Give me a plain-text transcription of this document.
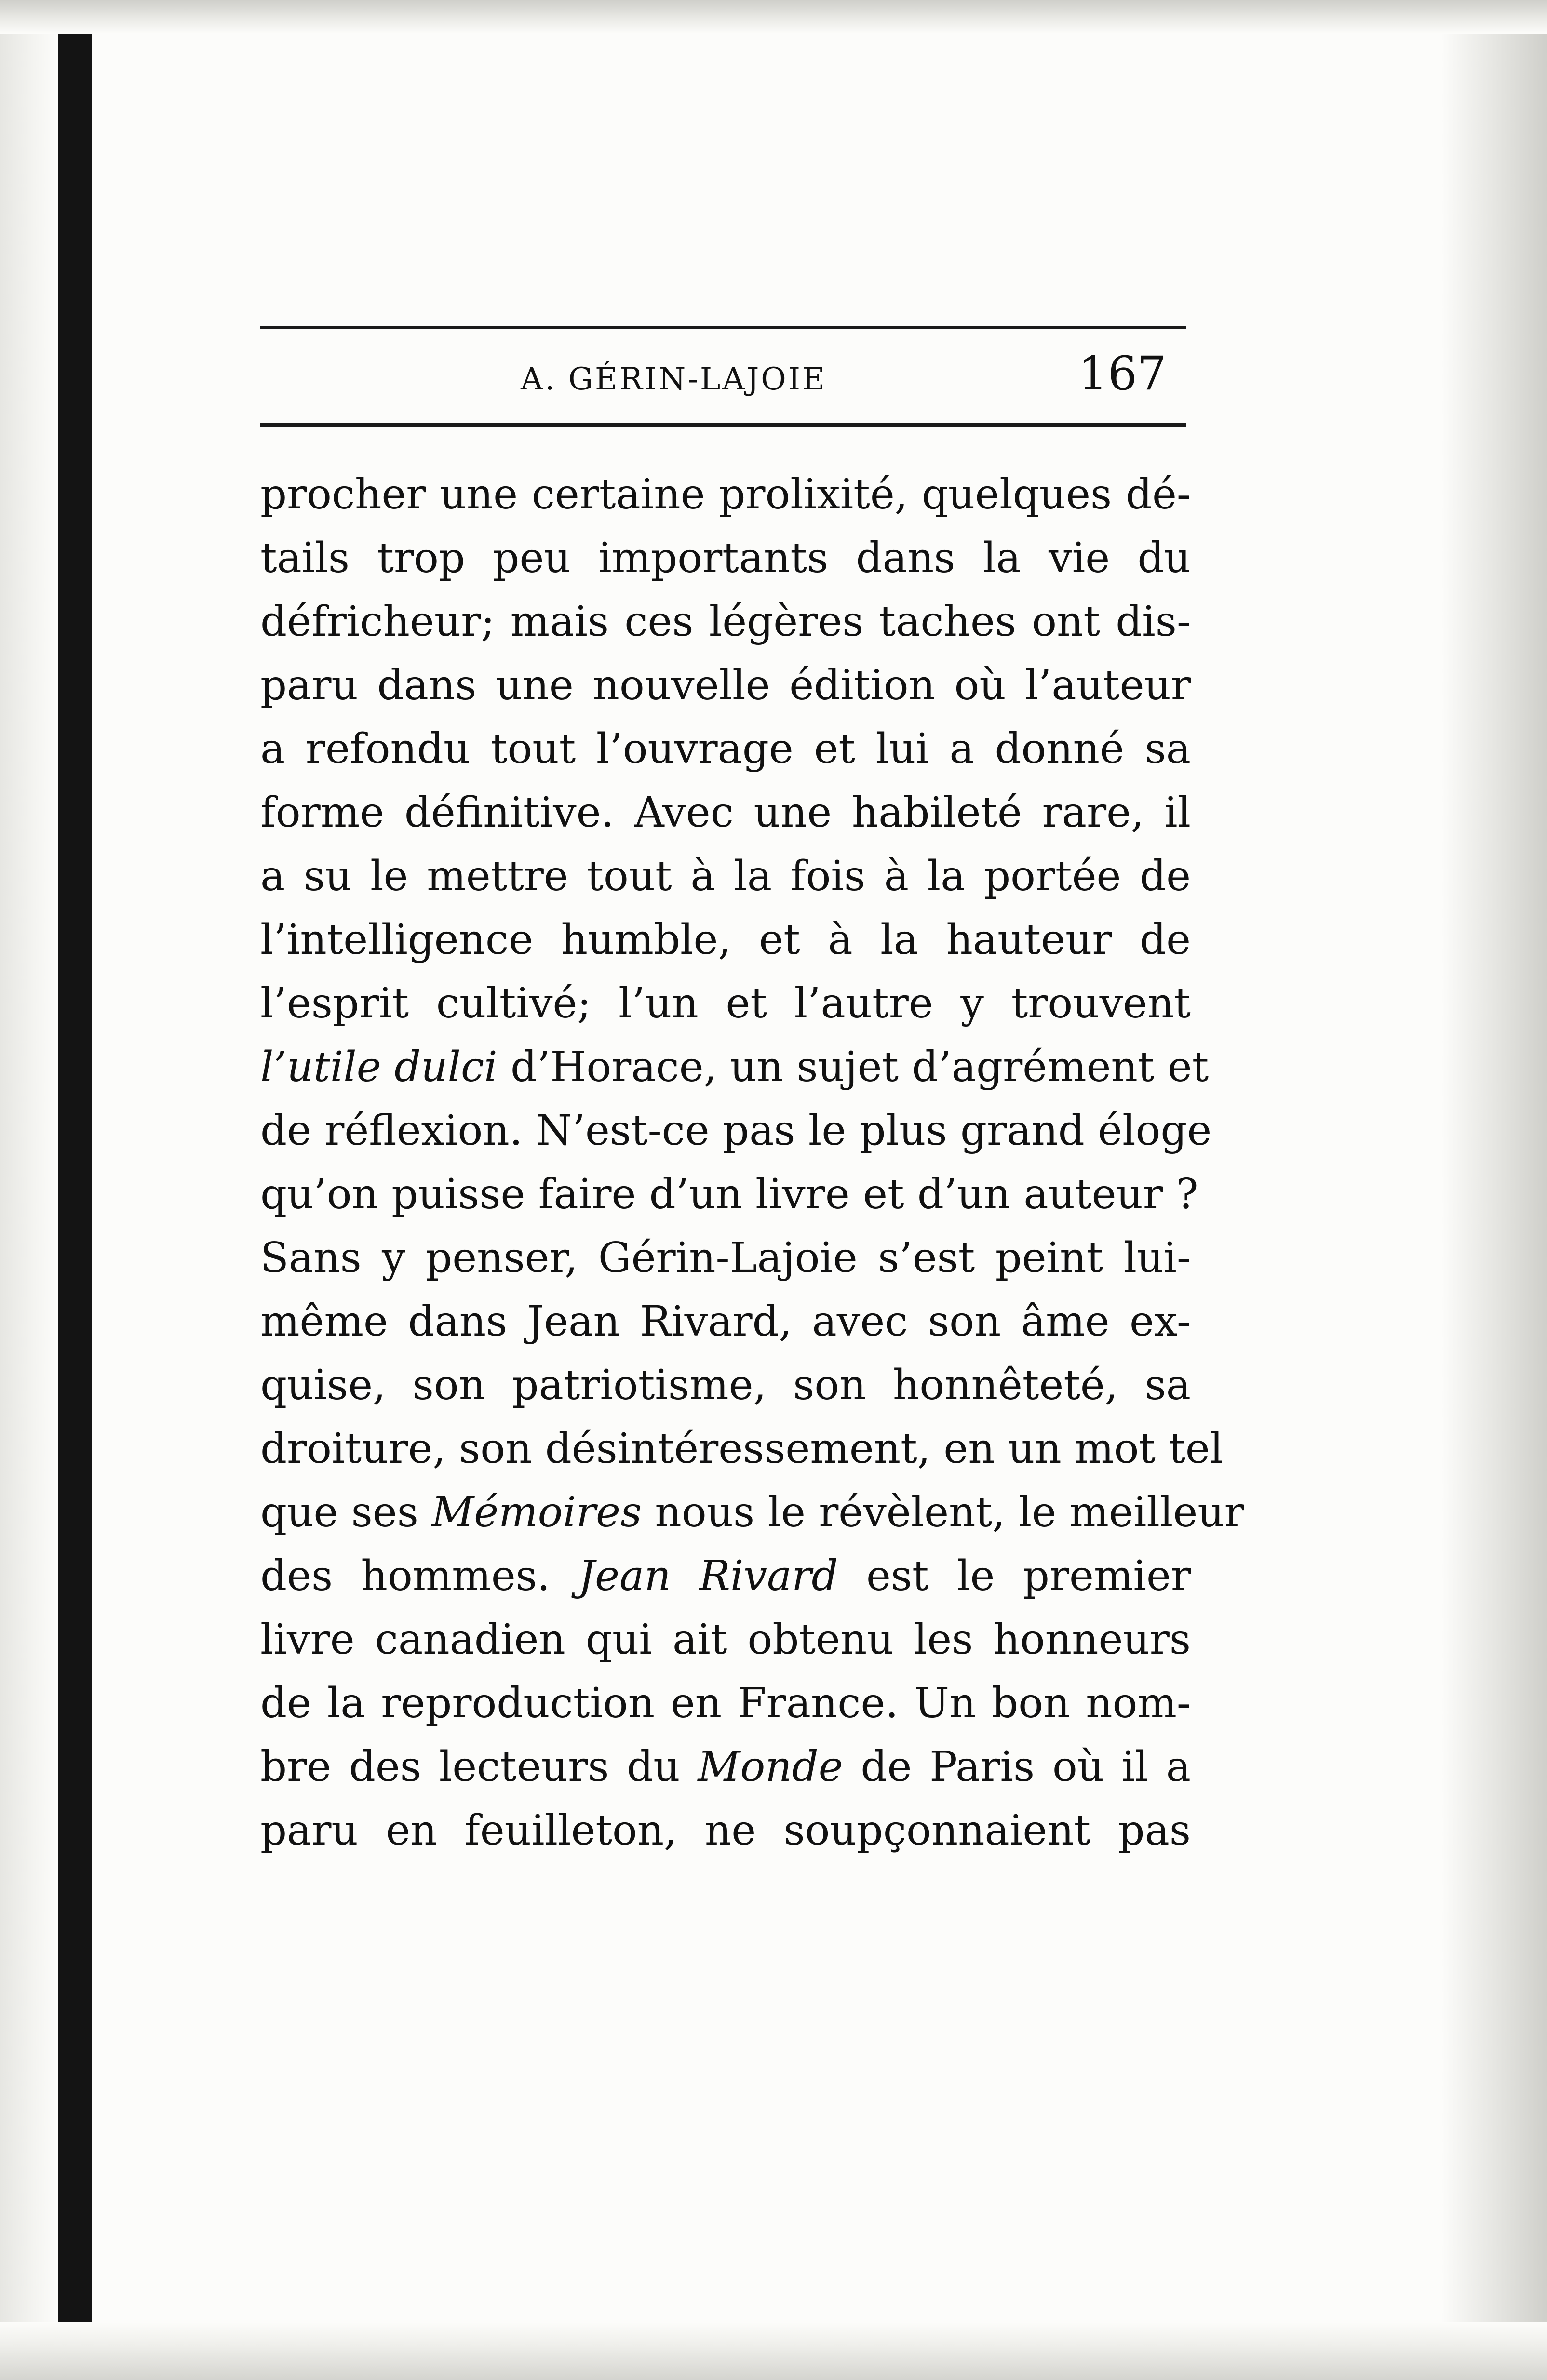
A. GÉRIN-LAJOIE	167
procher une certaine prolixité, quelques dé-
tails trop peu importants dans la vie du
défricheur; mais ces légères taches ont dis-
paru dans une nouvelle édition où l’auteur
a refondu tout l’ouvrage et lui a donné sa
forme définitive. Avec une habileté rare, il
a su le mettre tout à la fois à la portée de
l’intelligence humble, et à la hauteur de
l’esprit cultivé; l’un et l’autre y trouvent
l’utile dulci d’Horace, un sujet d’agrément et
de réflexion. N’est-ce pas le plus grand éloge
qu’on puisse faire d’un livre et d’un auteur ?
Sans y penser, Gérin-Lajoie s’est peint lui-
même dans Jean Rivard, avec son âme ex-
quise, son patriotisme, son honnêteté, sa
droiture, son désintéressement, en un mot tel
que ses Mémoires nous le révèlent, le meilleur
des hommes. Jean Rivard est le premier
livre canadien qui ait obtenu les honneurs
de la reproduction en France. Un bon nom-
bre des lecteurs du Monde de Paris où il a
paru en feuilleton, ne soupçonnaient pas
